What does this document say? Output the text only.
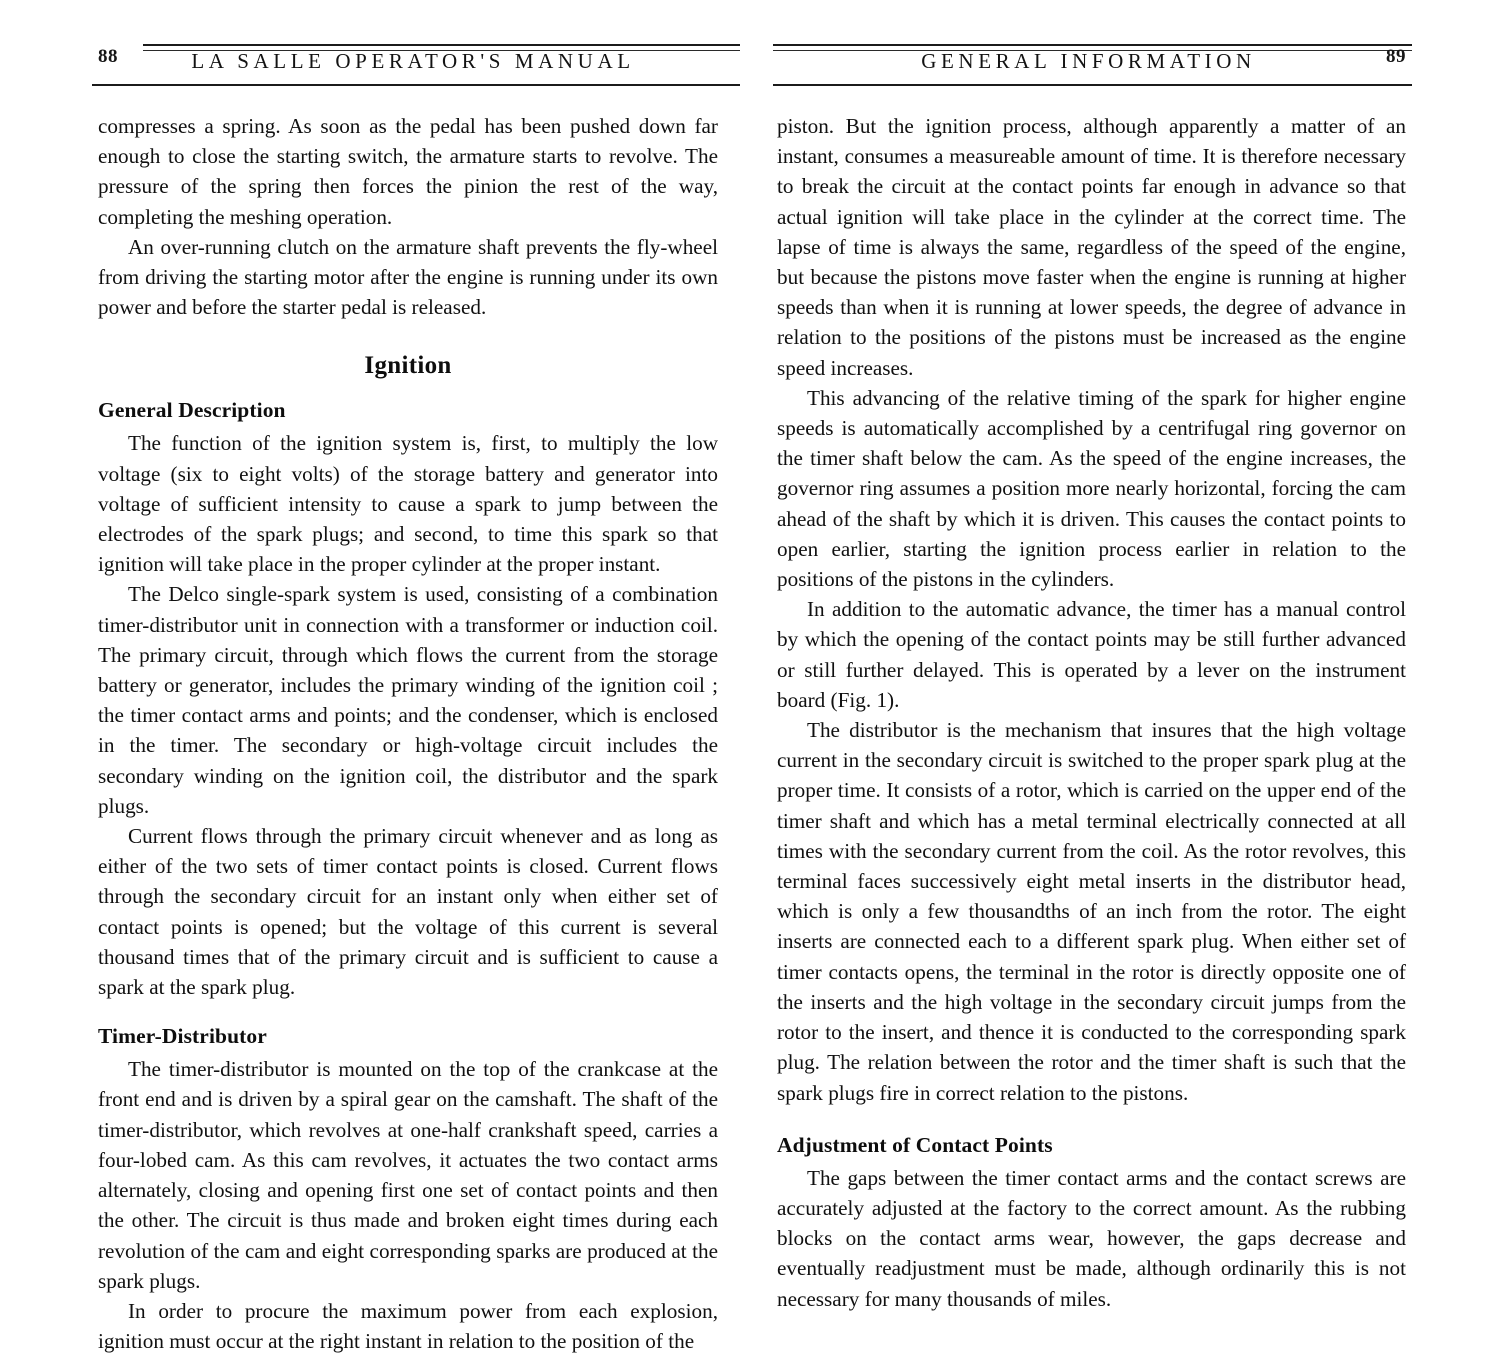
88	LA SALLE OPERATOR'S MANUAL

compresses a spring. As soon as the pedal has been pushed down far enough to close the starting switch, the armature starts to revolve. The pressure of the spring then forces the pinion the rest of the way, completing the meshing operation.

An over-running clutch on the armature shaft prevents the fly-wheel from driving the starting motor after the engine is running under its own power and before the starter pedal is released.

Ignition
General Description

The function of the ignition system is, first, to multiply the low voltage (six to eight volts) of the storage battery and generator into voltage of sufficient intensity to cause a spark to jump between the electrodes of the spark plugs; and second, to time this spark so that ignition will take place in the proper cylinder at the proper instant.

The Delco single-spark system is used, consisting of a combination timer-distributor unit in connection with a transformer or induction coil. The primary circuit, through which flows the current from the storage battery or generator, includes the primary winding of the ignition coil ; the timer contact arms and points; and the condenser, which is enclosed in the timer. The secondary or high-voltage circuit includes the secondary winding on the ignition coil, the distributor and the spark plugs.

Current flows through the primary circuit whenever and as long as either of the two sets of timer contact points is closed. Current flows through the secondary circuit for an instant only when either set of contact points is opened; but the voltage of this current is several thousand times that of the primary circuit and is sufficient to cause a spark at the spark plug.

Timer-Distributor

The timer-distributor is mounted on the top of the crankcase at the front end and is driven by a spiral gear on the camshaft. The shaft of the timer-distributor, which revolves at one-half crankshaft speed, carries a four-lobed cam. As this cam revolves, it actuates the two contact arms alternately, closing and opening first one set of contact points and then the other. The circuit is thus made and broken eight times during each revolution of the cam and eight corresponding sparks are produced at the spark plugs.

In order to procure the maximum power from each explosion, ignition must occur at the right instant in relation to the position of the

GENERAL INFORMATION	89

piston. But the ignition process, although apparently a matter of an instant, consumes a measureable amount of time. It is therefore necessary to break the circuit at the contact points far enough in advance so that actual ignition will take place in the cylinder at the correct time. The lapse of time is always the same, regardless of the speed of the engine, but because the pistons move faster when the engine is running at higher speeds than when it is running at lower speeds, the degree of advance in relation to the positions of the pistons must be increased as the engine speed increases.

This advancing of the relative timing of the spark for higher engine speeds is automatically accomplished by a centrifugal ring governor on the timer shaft below the cam. As the speed of the engine increases, the governor ring assumes a position more nearly horizontal, forcing the cam ahead of the shaft by which it is driven. This causes the contact points to open earlier, starting the ignition process earlier in relation to the positions of the pistons in the cylinders.

In addition to the automatic advance, the timer has a manual control by which the opening of the contact points may be still further advanced or still further delayed. This is operated by a lever on the instrument board (Fig. 1).

The distributor is the mechanism that insures that the high voltage current in the secondary circuit is switched to the proper spark plug at the proper time. It consists of a rotor, which is carried on the upper end of the timer shaft and which has a metal terminal electrically connected at all times with the secondary current from the coil. As the rotor revolves, this terminal faces successively eight metal inserts in the distributor head, which is only a few thousandths of an inch from the rotor. The eight inserts are connected each to a different spark plug. When either set of timer contacts opens, the terminal in the rotor is directly opposite one of the inserts and the high voltage in the secondary circuit jumps from the rotor to the insert, and thence it is conducted to the corresponding spark plug. The relation between the rotor and the timer shaft is such that the spark plugs fire in correct relation to the pistons.

Adjustment of Contact Points

The gaps between the timer contact arms and the contact screws are accurately adjusted at the factory to the correct amount. As the rubbing blocks on the contact arms wear, however, the gaps decrease and eventually readjustment must be made, although ordinarily this is not necessary for many thousands of miles.
